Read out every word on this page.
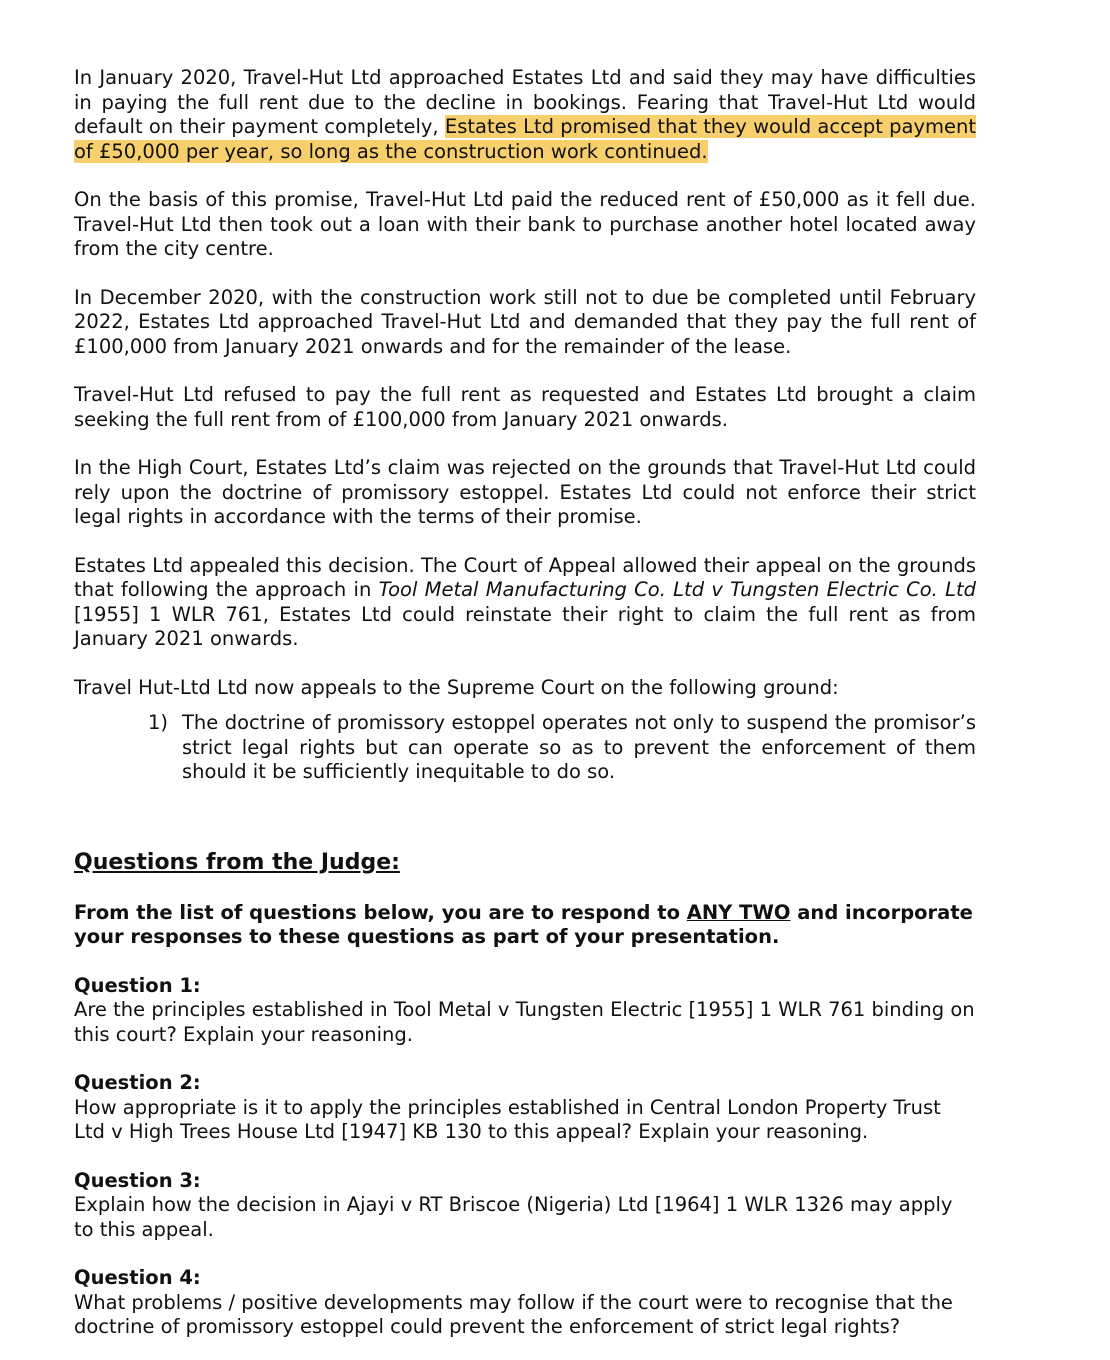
In January 2020, Travel-Hut Ltd approached Estates Ltd and said they may have difficulties in paying the full rent due to the decline in bookings. Fearing that Travel-Hut Ltd would default on their payment completely, Estates Ltd promised that they would accept payment of £50,000 per year, so long as the construction work continued.

On the basis of this promise, Travel-Hut Ltd paid the reduced rent of £50,000 as it fell due. Travel-Hut Ltd then took out a loan with their bank to purchase another hotel located away from the city centre.

In December 2020, with the construction work still not to due be completed until February 2022, Estates Ltd approached Travel-Hut Ltd and demanded that they pay the full rent of £100,000 from January 2021 onwards and for the remainder of the lease.

Travel-Hut Ltd refused to pay the full rent as requested and Estates Ltd brought a claim seeking the full rent from of £100,000 from January 2021 onwards.

In the High Court, Estates Ltd’s claim was rejected on the grounds that Travel-Hut Ltd could rely upon the doctrine of promissory estoppel. Estates Ltd could not enforce their strict legal rights in accordance with the terms of their promise.

Estates Ltd appealed this decision. The Court of Appeal allowed their appeal on the grounds that following the approach in Tool Metal Manufacturing Co. Ltd v Tungsten Electric Co. Ltd [1955] 1 WLR 761, Estates Ltd could reinstate their right to claim the full rent as from January 2021 onwards.

Travel Hut-Ltd Ltd now appeals to the Supreme Court on the following ground:

1) The doctrine of promissory estoppel operates not only to suspend the promisor’s strict legal rights but can operate so as to prevent the enforcement of them should it be sufficiently inequitable to do so.
Questions from the Judge:

From the list of questions below, you are to respond to ANY TWO and incorporate your responses to these questions as part of your presentation.

Question 1:
Are the principles established in Tool Metal v Tungsten Electric [1955] 1 WLR 761 binding on this court? Explain your reasoning.
Question 2:
How appropriate is it to apply the principles established in Central London Property Trust Ltd v High Trees House Ltd [1947] KB 130 to this appeal? Explain your reasoning.
Question 3:
Explain how the decision in Ajayi v RT Briscoe (Nigeria) Ltd [1964] 1 WLR 1326 may apply to this appeal.
Question 4:
What problems / positive developments may follow if the court were to recognise that the doctrine of promissory estoppel could prevent the enforcement of strict legal rights?
